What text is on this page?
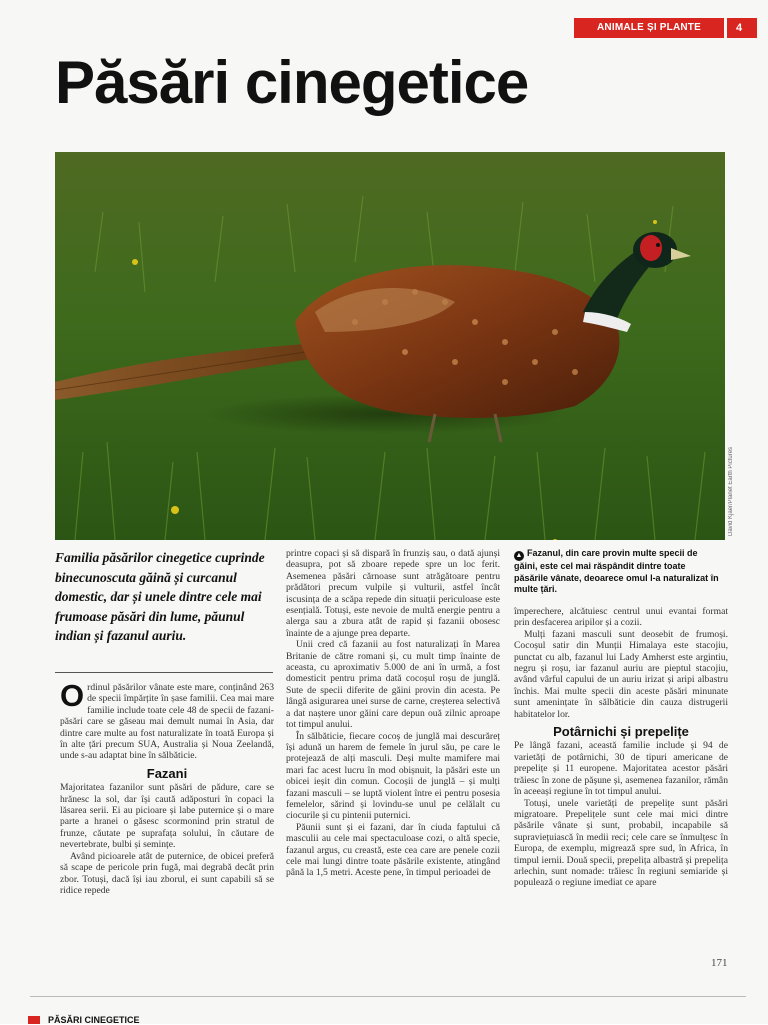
ANIMALE ȘI PLANTE	4
Păsări cinegetice
David Kjaer/Planet Earth Pictures
Familia păsărilor cinegetice cuprinde binecunoscuta găină și curcanul domestic, dar și unele dintre cele mai frumoase păsări din lume, păunul indian și fazanul auriu.

Ordinul păsărilor vânate este mare, conținând 263 de specii împărțite în șase familii. Cea mai mare familie include toate cele 48 de specii de fazani-păsări care se găseau mai demult numai în Asia, dar dintre care multe au fost naturalizate în toată Europa și în alte țări precum SUA, Australia și Noua Zeelandă, unde s-au adaptat bine în sălbăticie.

Fazani

Majoritatea fazanilor sunt păsări de pădure, care se hrănesc la sol, dar își caută adăposturi în copaci la lăsarea serii. Ei au picioare și labe puternice și o mare parte a hranei o găsesc scormonind prin stratul de frunze, căutate pe suprafața solului, în căutare de nevertebrate, bulbi și semințe.

Având picioarele atât de puternice, de obicei preferă să scape de pericole prin fugă, mai degrabă decât prin zbor. Totuși, dacă își iau zborul, ei sunt capabili să se ridice repede

printre copaci și să dispară în frunziș sau, o dată ajunși deasupra, pot să zboare repede spre un loc ferit. Asemenea păsări cărnoase sunt atrăgătoare pentru prădători precum vulpile și vulturii, astfel încât iscusința de a scăpa repede din situații periculoase este esențială. Totuși, este nevoie de multă energie pentru a alerga sau a zbura atât de rapid și fazanii obosesc înainte de a ajunge prea departe.

Unii cred că fazanii au fost naturalizați în Marea Britanie de către romani și, cu mult timp înainte de aceasta, cu aproximativ 5.000 de ani în urmă, a fost domesticit pentru prima dată cocoșul roșu de junglă. Sute de specii diferite de găini provin din acesta. Pe lângă asigurarea unei surse de carne, creșterea selectivă a dat naștere unor găini care depun ouă zilnic aproape tot timpul anului.

În sălbăticie, fiecare cocoș de junglă mai descurăreț își adună un harem de femele în jurul său, pe care le protejează de alți masculi. Deși multe mamifere mai mari fac acest lucru în mod obișnuit, la păsări este un obicei ieșit din comun. Cocoșii de junglă – și mulți fazani masculi – se luptă violent între ei pentru posesia femelelor, sărind și lovindu-se unul pe celălalt cu ciocurile și cu pintenii puternici.

Păunii sunt și ei fazani, dar în ciuda faptului că masculii au cele mai spectaculoase cozi, o altă specie, fazanul argus, cu creastă, este cea care are penele cozii cele mai lungi dintre toate păsările existente, atingând până la 1,5 metri. Aceste pene, în timpul perioadei de

▲ Fazanul, din care provin multe specii de găini, este cel mai răspândit dintre toate păsările vânate, deoarece omul l-a naturalizat în multe țări.

împerechere, alcătuiesc centrul unui evantai format prin desfacerea aripilor și a cozii.

Mulți fazani masculi sunt deosebit de frumoși. Cocoșul satir din Munții Himalaya este stacojiu, punctat cu alb, fazanul lui Lady Amherst este argintiu, negru și roșu, iar fazanul auriu are pieptul stacojiu, având vârful capului de un auriu irizat și aripi albastru închis. Mai multe specii din aceste păsări minunate sunt amenințate în sălbăticie din cauza distrugerii habitatelor lor.

Potârnichi și prepelițe

Pe lângă fazani, această familie include și 94 de varietăți de potârnichi, 30 de tipuri americane de prepelițe și 11 europene. Majoritatea acestor păsări trăiesc în zone de pășune și, asemenea fazanilor, rămân în aceeași regiune în tot timpul anului.

Totuși, unele varietăți de prepelițe sunt păsări migratoare. Prepelițele sunt cele mai mici dintre păsările vânate și sunt, probabil, incapabile să supraviețuiască în medii reci; cele care se înmulțesc în Europa, de exemplu, migrează spre sud, în Africa, în timpul iernii. Două specii, prepelița albastră și prepelița arlechin, sunt nomade: trăiesc în regiuni semiaride și populează o regiune imediat ce apare

171
PĂSĂRI CINEGETICE
